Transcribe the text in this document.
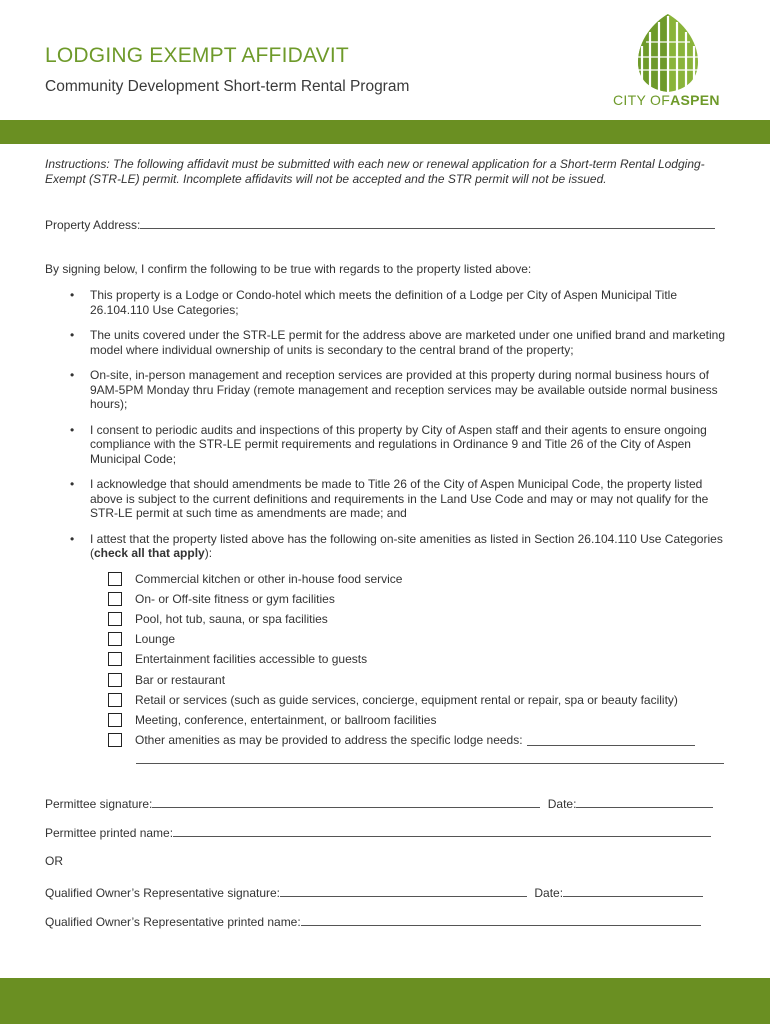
LODGING EXEMPT AFFIDAVIT
Community Development Short-term Rental Program
CITY OFASPEN
Instructions: The following affidavit must be submitted with each new or renewal application for a Short-term Rental Lodging-Exempt (STR-LE) permit. Incomplete affidavits will not be accepted and the STR permit will not be issued.
Property Address:
By signing below, I confirm the following to be true with regards to the property listed above:
• This property is a Lodge or Condo-hotel which meets the definition of a Lodge per City of Aspen Municipal Title 26.104.110 Use Categories;
• The units covered under the STR-LE permit for the address above are marketed under one unified brand and marketing model where individual ownership of units is secondary to the central brand of the property;
• On-site, in-person management and reception services are provided at this property during normal business hours of 9AM-5PM Monday thru Friday (remote management and reception services may be available outside normal business hours);
• I consent to periodic audits and inspections of this property by City of Aspen staff and their agents to ensure ongoing compliance with the STR-LE permit requirements and regulations in Ordinance 9 and Title 26 of the City of Aspen Municipal Code;
• I acknowledge that should amendments be made to Title 26 of the City of Aspen Municipal Code, the property listed above is subject to the current definitions and requirements in the Land Use Code and may or may not qualify for the STR-LE permit at such time as amendments are made; and
• I attest that the property listed above has the following on-site amenities as listed in Section 26.104.110 Use Categories (check all that apply):
Commercial kitchen or other in-house food service
On- or Off-site fitness or gym facilities
Pool, hot tub, sauna, or spa facilities
Lounge
Entertainment facilities accessible to guests
Bar or restaurant
Retail or services (such as guide services, concierge, equipment rental or repair, spa or beauty facility)
Meeting, conference, entertainment, or ballroom facilities
Other amenities as may be provided to address the specific lodge needs:
Permittee signature:	Date:
Permittee printed name:
OR
Qualified Owner’s Representative signature:	Date:
Qualified Owner’s Representative printed name:
